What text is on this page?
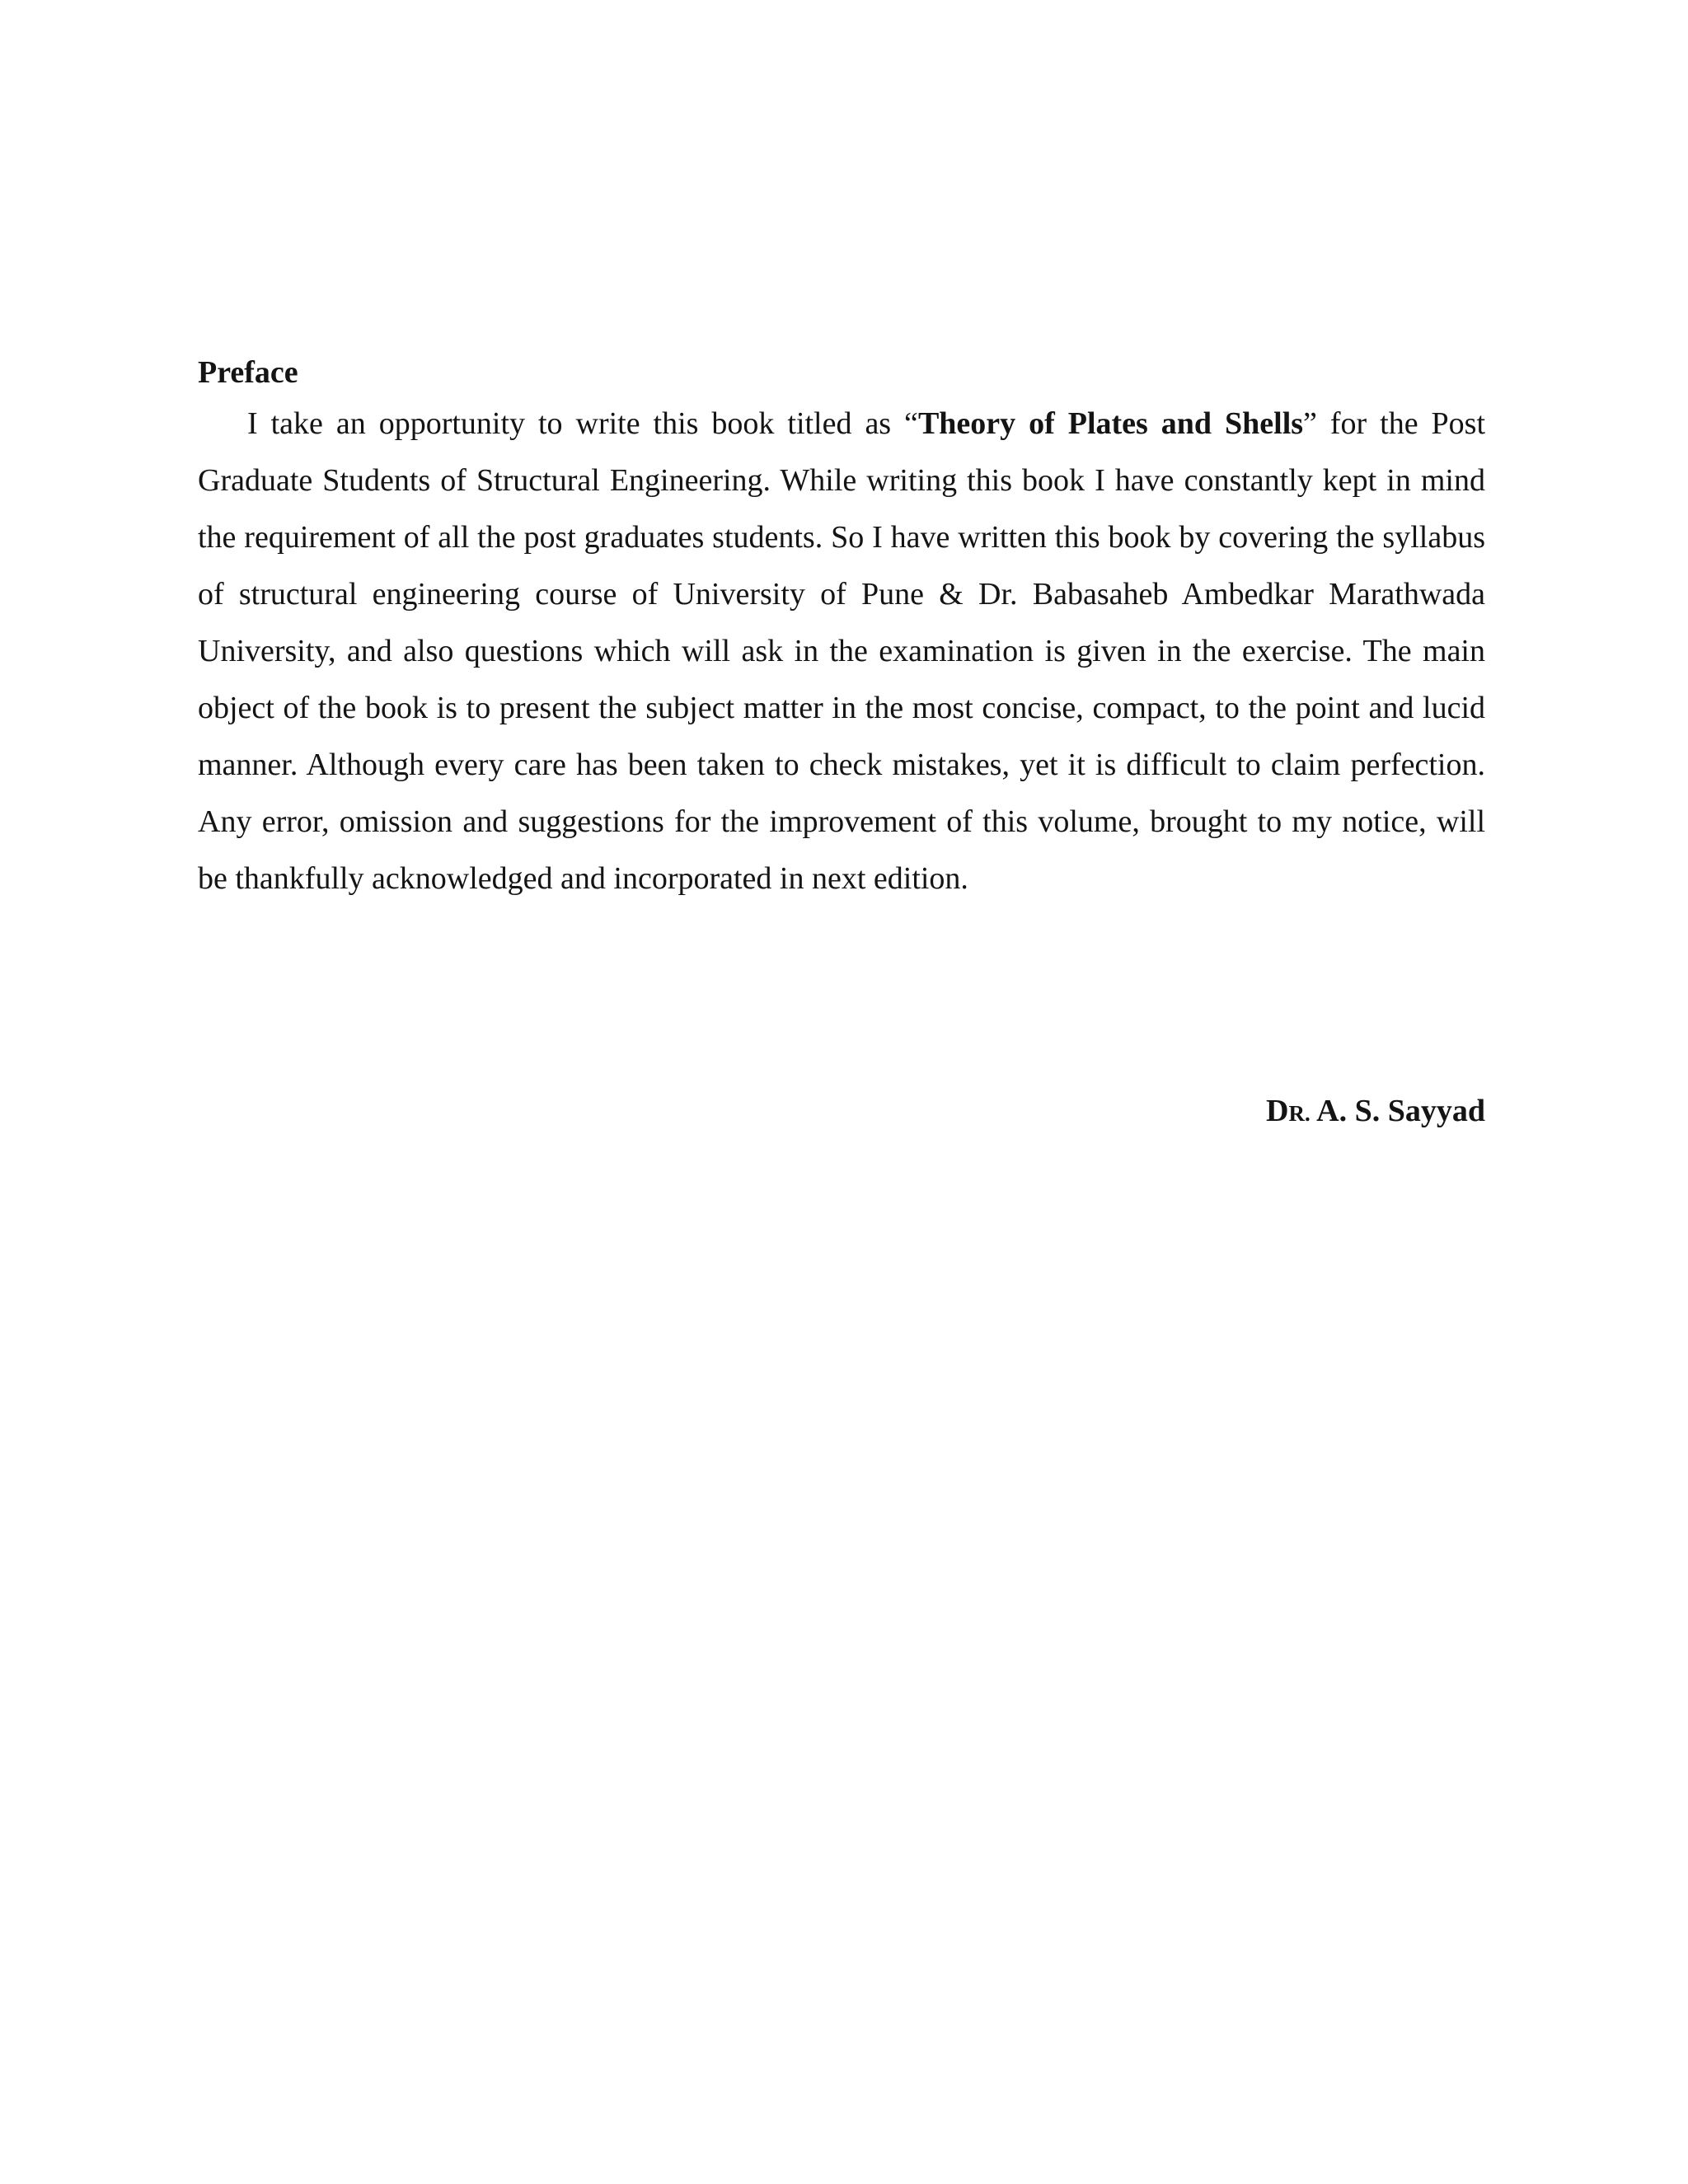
Preface

I take an opportunity to write this book titled as “Theory of Plates and Shells” for the Post Graduate Students of Structural Engineering. While writing this book I have constantly kept in mind the requirement of all the post graduates students. So I have written this book by covering the syllabus of structural engineering course of University of Pune & Dr. Babasaheb Ambedkar Marathwada University, and also questions which will ask in the examination is given in the exercise. The main object of the book is to present the subject matter in the most concise, compact, to the point and lucid manner. Although every care has been taken to check mistakes, yet it is difficult to claim perfection. Any error, omission and suggestions for the improvement of this volume, brought to my notice, will be thankfully acknowledged and incorporated in next edition.

DR. A. S. Sayyad
